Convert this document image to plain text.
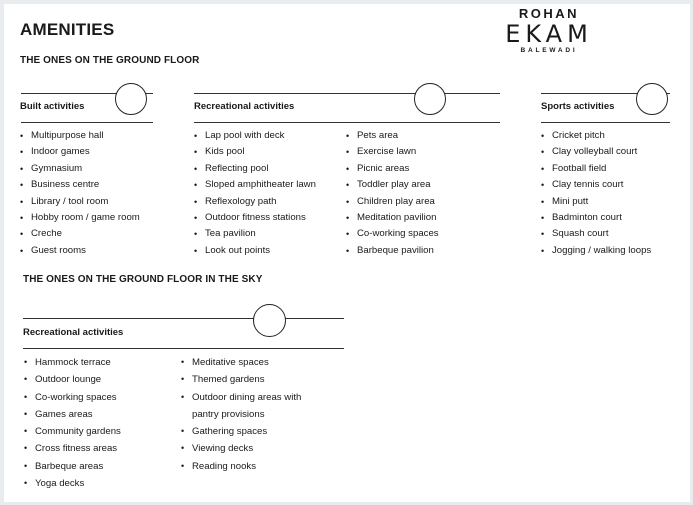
AMENITIES
ROHAN
EKAM
BALEWADI
THE ONES ON THE GROUND FLOOR
Built activities
• Multipurpose hall
• Indoor games
• Gymnasium
• Business centre
• Library / tool room
• Hobby room / game room
• Creche
• Guest rooms
Recreational activities
• Lap pool with deck
• Kids pool
• Reflecting pool
• Sloped amphitheater lawn
• Reflexology path
• Outdoor fitness stations
• Tea pavilion
• Look out points
• Pets area
• Exercise lawn
• Picnic areas
• Toddler play area
• Children play area
• Meditation pavilion
• Co-working spaces
• Barbeque pavilion
Sports activities
• Cricket pitch
• Clay volleyball court
• Football field
• Clay tennis court
• Mini putt
• Badminton court
• Squash court
• Jogging / walking loops
THE ONES ON THE GROUND FLOOR IN THE SKY
Recreational activities
• Hammock terrace
• Outdoor lounge
• Co-working spaces
• Games areas
• Community gardens
• Cross fitness areas
• Barbeque areas
• Yoga decks
• Meditative spaces
• Themed gardens
• Outdoor dining areas with
pantry provisions
• Gathering spaces
• Viewing decks
• Reading nooks
